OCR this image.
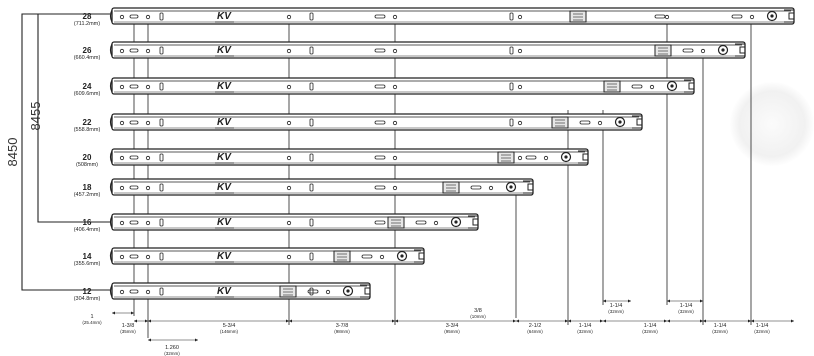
8450
8455
28
(711.2mm)
KV
26
(660.4mm)
KV
24
(609.6mm)
KV
22
(558.8mm)
KV
20
(508mm)
KV
18
(457.2mm)
KV
16
(406.4mm)
KV
14
(355.6mm)
KV
12
(304.8mm)
KV
1
(25.4mm)
1-3/8
(35mm)
1.260
(32mm)
5-3/4
(146mm)
3-7/8
(98mm)
3-3/4
(95mm)
3/8
(10mm)
2-1/2
(64mm)
1-1/4
(32mm)
1-1/4
(32mm)
1-1/4
(32mm)
1-1/4
(32mm)
1-1/4
(32mm)
1-1/4
(32mm)
